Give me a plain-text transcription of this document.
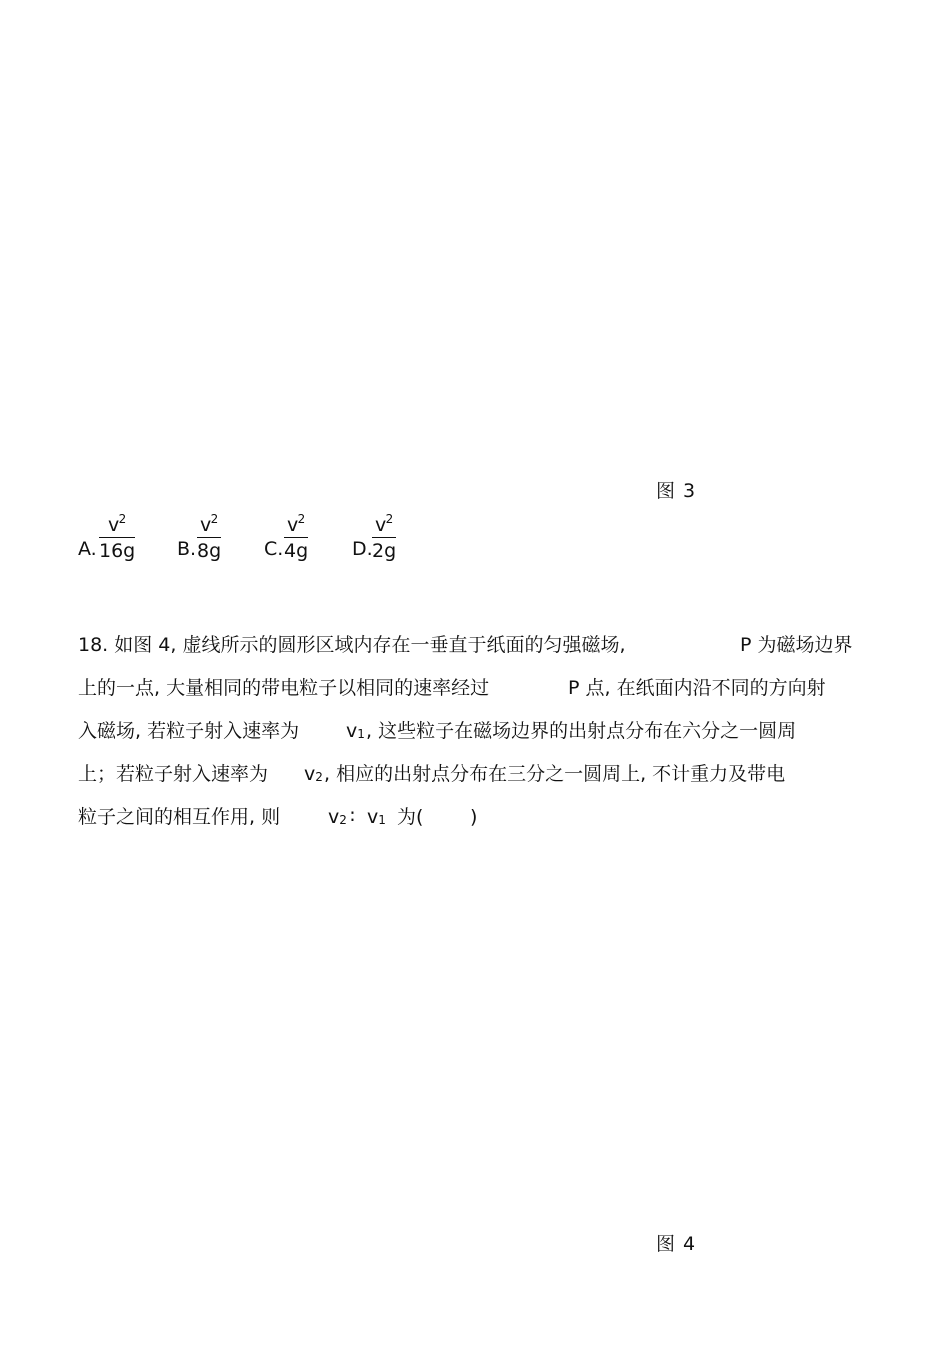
图 3
A.
v 2
16g B.
v 2
8g C.
v 2
4g D.
v 2
2g
18. 如图 4, 虚线所示的圆形区域内存在一垂直于纸面的匀强磁场,	P 为磁场边界
上的一点, 大量相同的带电粒子以相同的速率经过	P 点, 在纸面内沿不同的方向射
入磁场, 若粒子射入速率为 $v_1$ , 这些粒子在磁场边界的出射点分布在六分之一圆周
上；若粒子射入速率为 $v_2$ , 相应的出射点分布在三分之一圆周上, 不计重力及带电
粒子之间的相互作用, 则	$v_2$ ∶ $v_1$ 为( )
图 4
